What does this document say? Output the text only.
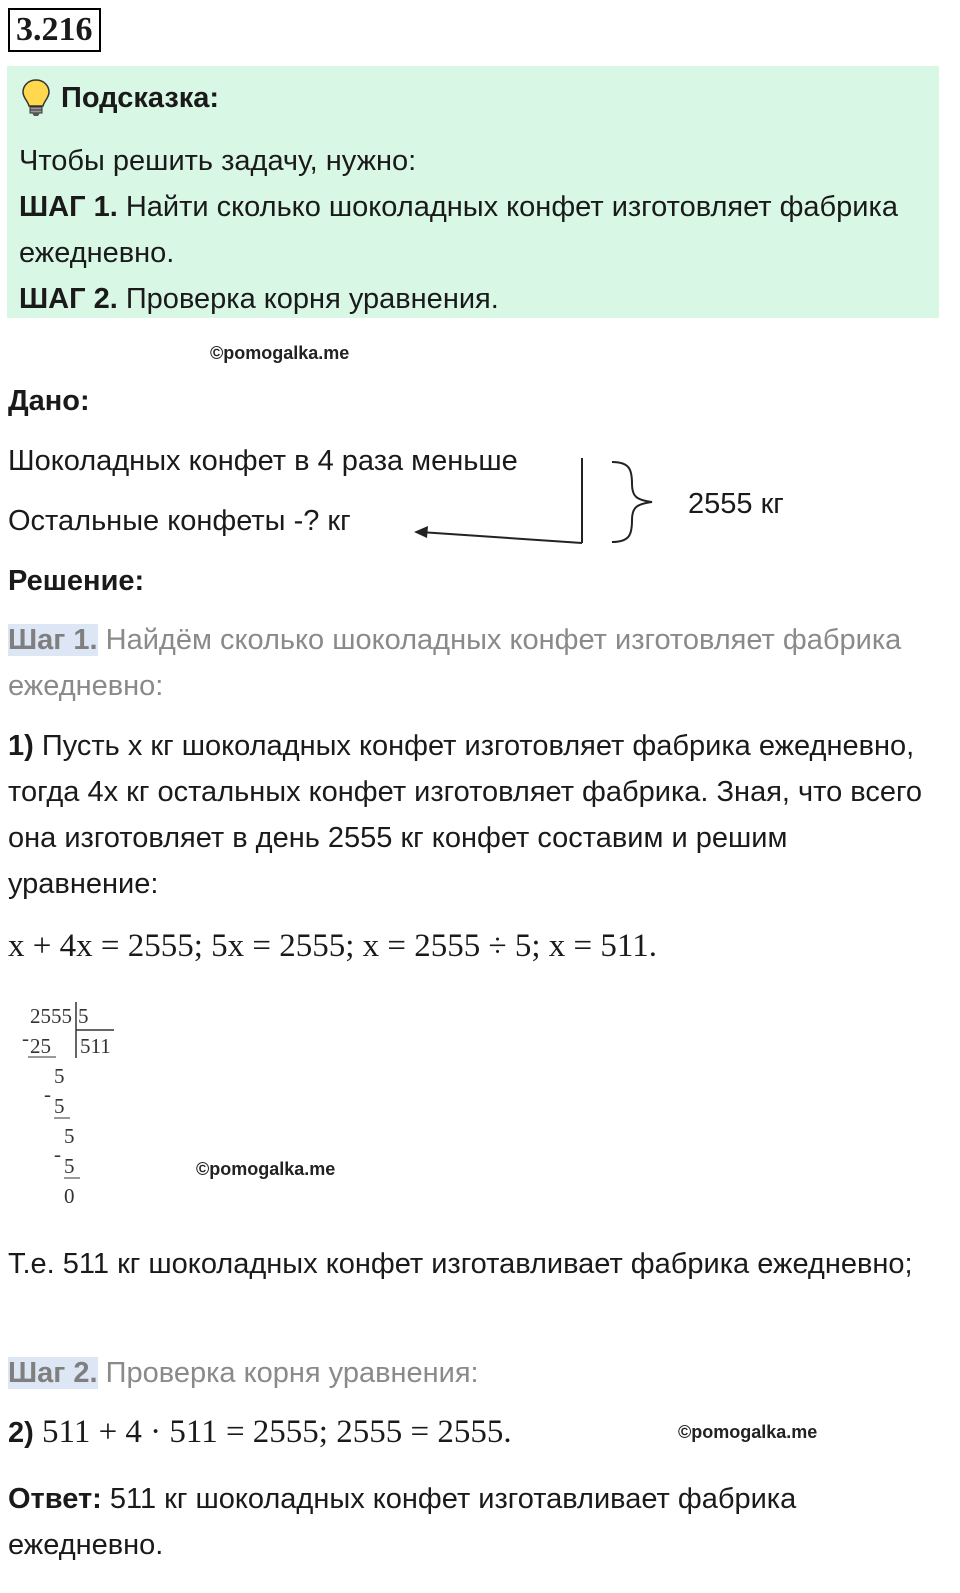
3.216
Подсказка:
Чтобы решить задачу, нужно:
ШАГ 1. Найти сколько шоколадных конфет изготовляет фабрика ежедневно.
ШАГ 2. Проверка корня уравнения.
©pomogalka.me
Дано:
Шоколадных конфет в 4 раза меньше
Остальные конфеты -? кг
2555 кг
Решение:
Шаг 1. Найдём сколько шоколадных конфет изготовляет фабрика ежедневно:
1) Пусть x кг шоколадных конфет изготовляет фабрика ежедневно, тогда 4x кг остальных конфет изготовляет фабрика. Зная, что всего она изготовляет в день 2555 кг конфет составим и решим уравнение:
x + 4x = 2555; 5x = 2555; x = 2555 ÷ 5; x = 511.
2555 5
511
- 25
5
- 5
5
- 5
0
©pomogalka.me
Т.е. 511 кг шоколадных конфет изготавливает фабрика ежедневно;
Шаг 2. Проверка корня уравнения:
2) 511 + 4 · 511 = 2555; 2555 = 2555.	©pomogalka.me
Ответ: 511 кг шоколадных конфет изготавливает фабрика ежедневно.
